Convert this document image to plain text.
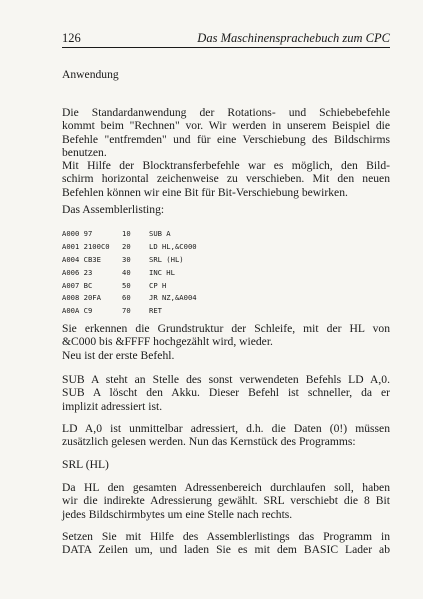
126	Das Maschinensprachebuch zum CPC
Anwendung
Die Standardanwendung der Rotations- und Schiebebefehle
kommt beim "Rechnen" vor. Wir werden in unserem Beispiel die
Befehle "entfremden" und für eine Verschiebung des Bildschirms
benutzen.
Mit Hilfe der Blocktransferbefehle war es möglich, den Bild-
schirm horizontal zeichenweise zu verschieben. Mit den neuen
Befehlen können wir eine Bit für Bit-Verschiebung bewirken.
Das Assemblerlisting:
A000 97	10	SUB A
A001 2100C0 20	LD HL,&C000
A004 CB3E	30	SRL (HL)
A006 23	40	INC HL
A007 BC	50	CP H
A008 20FA	60	JR NZ,&A004
A00A C9	70	RET
Sie erkennen die Grundstruktur der Schleife, mit der HL von
&C000 bis &FFFF hochgezählt wird, wieder.
Neu ist der erste Befehl.
SUB A steht an Stelle des sonst verwendeten Befehls LD A,0.
SUB A löscht den Akku. Dieser Befehl ist schneller, da er
implizit adressiert ist.
LD A,0 ist unmittelbar adressiert, d.h. die Daten (0!) müssen
zusätzlich gelesen werden. Nun das Kernstück des Programms:
SRL (HL)
Da HL den gesamten Adressenbereich durchlaufen soll, haben
wir die indirekte Adressierung gewählt. SRL verschiebt die 8 Bit
jedes Bildschirmbytes um eine Stelle nach rechts.
Setzen Sie mit Hilfe des Assemblerlistings das Programm in
DATA Zeilen um, und laden Sie es mit dem BASIC Lader ab
